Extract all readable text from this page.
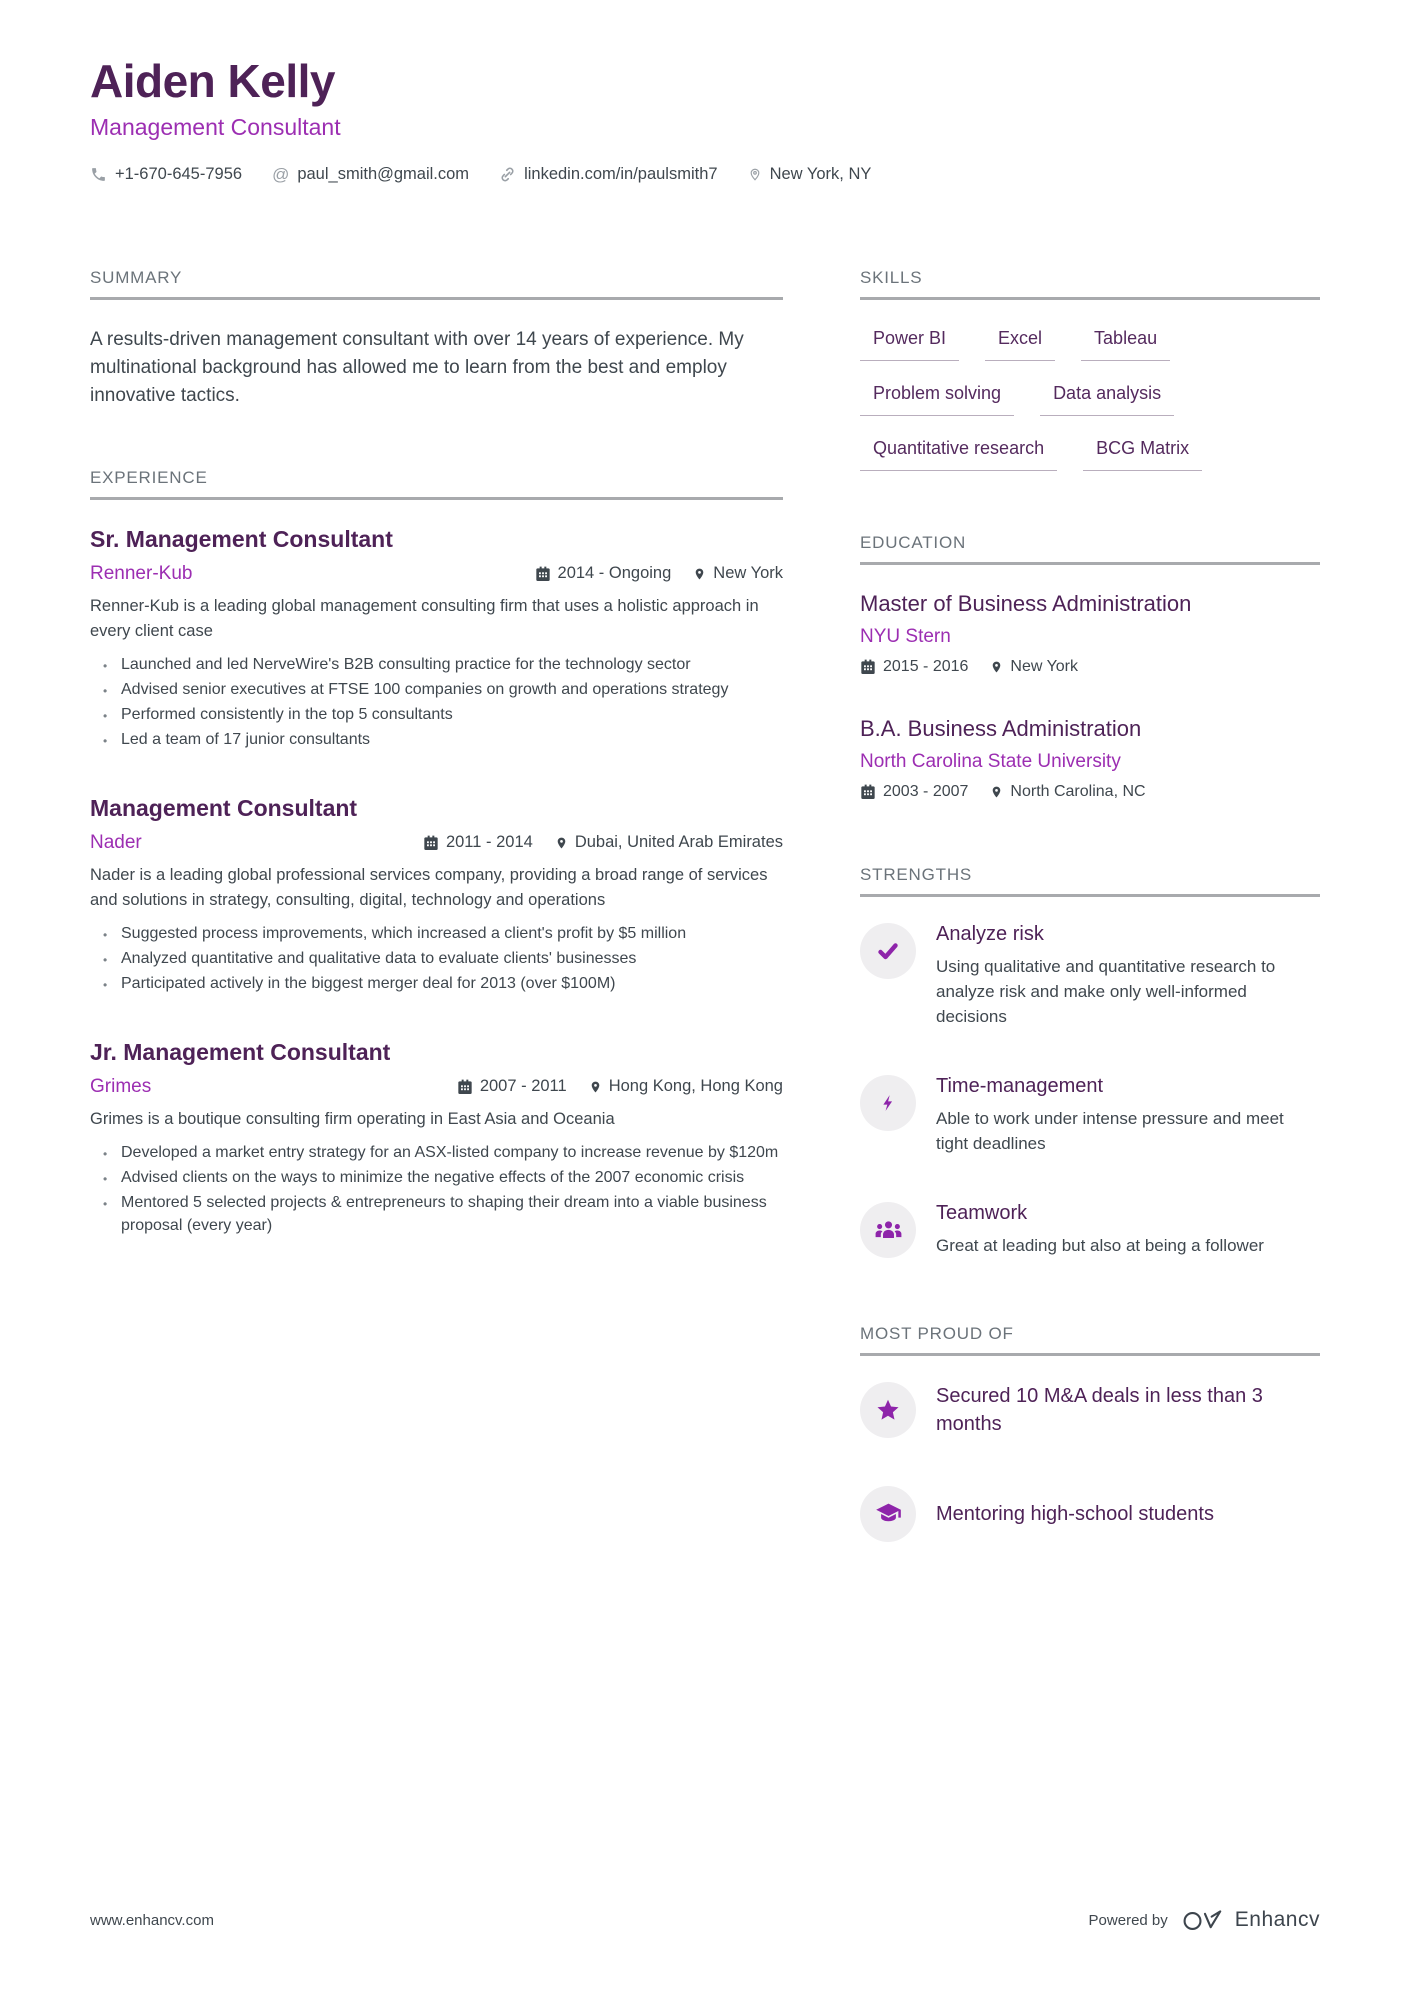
Aiden Kelly
Management Consultant
+1-670-645-7956 @ paul_smith@gmail.com	linkedin.com/in/paulsmith7	New York, NY
SUMMARY

A results-driven management consultant with over 14 years of experience. My multinational background has allowed me to learn from the best and employ innovative tactics.

EXPERIENCE
Sr. Management Consultant
Renner-Kub	2014 - Ongoing	New York

Renner-Kub is a leading global management consulting firm that uses a holistic approach in every client case

• Launched and led NerveWire's B2B consulting practice for the technology sector
• Advised senior executives at FTSE 100 companies on growth and operations strategy
• Performed consistently in the top 5 consultants
• Led a team of 17 junior consultants
Management Consultant
Nader	2011 - 2014	Dubai, United Arab Emirates

Nader is a leading global professional services company, providing a broad range of services and solutions in strategy, consulting, digital, technology and operations

• Suggested process improvements, which increased a client's profit by $5 million
• Analyzed quantitative and qualitative data to evaluate clients' businesses
• Participated actively in the biggest merger deal for 2013 (over $100M)
Jr. Management Consultant
Grimes	2007 - 2011	Hong Kong, Hong Kong

Grimes is a boutique consulting firm operating in East Asia and Oceania

• Developed a market entry strategy for an ASX-listed company to increase revenue by $120m
• Advised clients on the ways to minimize the negative effects of the 2007 economic crisis
• Mentored 5 selected projects & entrepreneurs to shaping their dream into a viable business proposal (every year)
SKILLS
Power BI	Excel	Tableau
Problem solving	Data analysis
Quantitative research	BCG Matrix
EDUCATION
Master of Business Administration
NYU Stern
2015 - 2016	New York
B.A. Business Administration
North Carolina State University
2003 - 2007	North Carolina, NC
STRENGTHS
Analyze risk

Using qualitative and quantitative research to analyze risk and make only well-informed decisions

Time-management

Able to work under intense pressure and meet tight deadlines

Teamwork

Great at leading but also at being a follower

MOST PROUD OF
Secured 10 M&A deals in less than 3 months
Mentoring high-school students
www.enhancv.com	Powered by	Enhancv
